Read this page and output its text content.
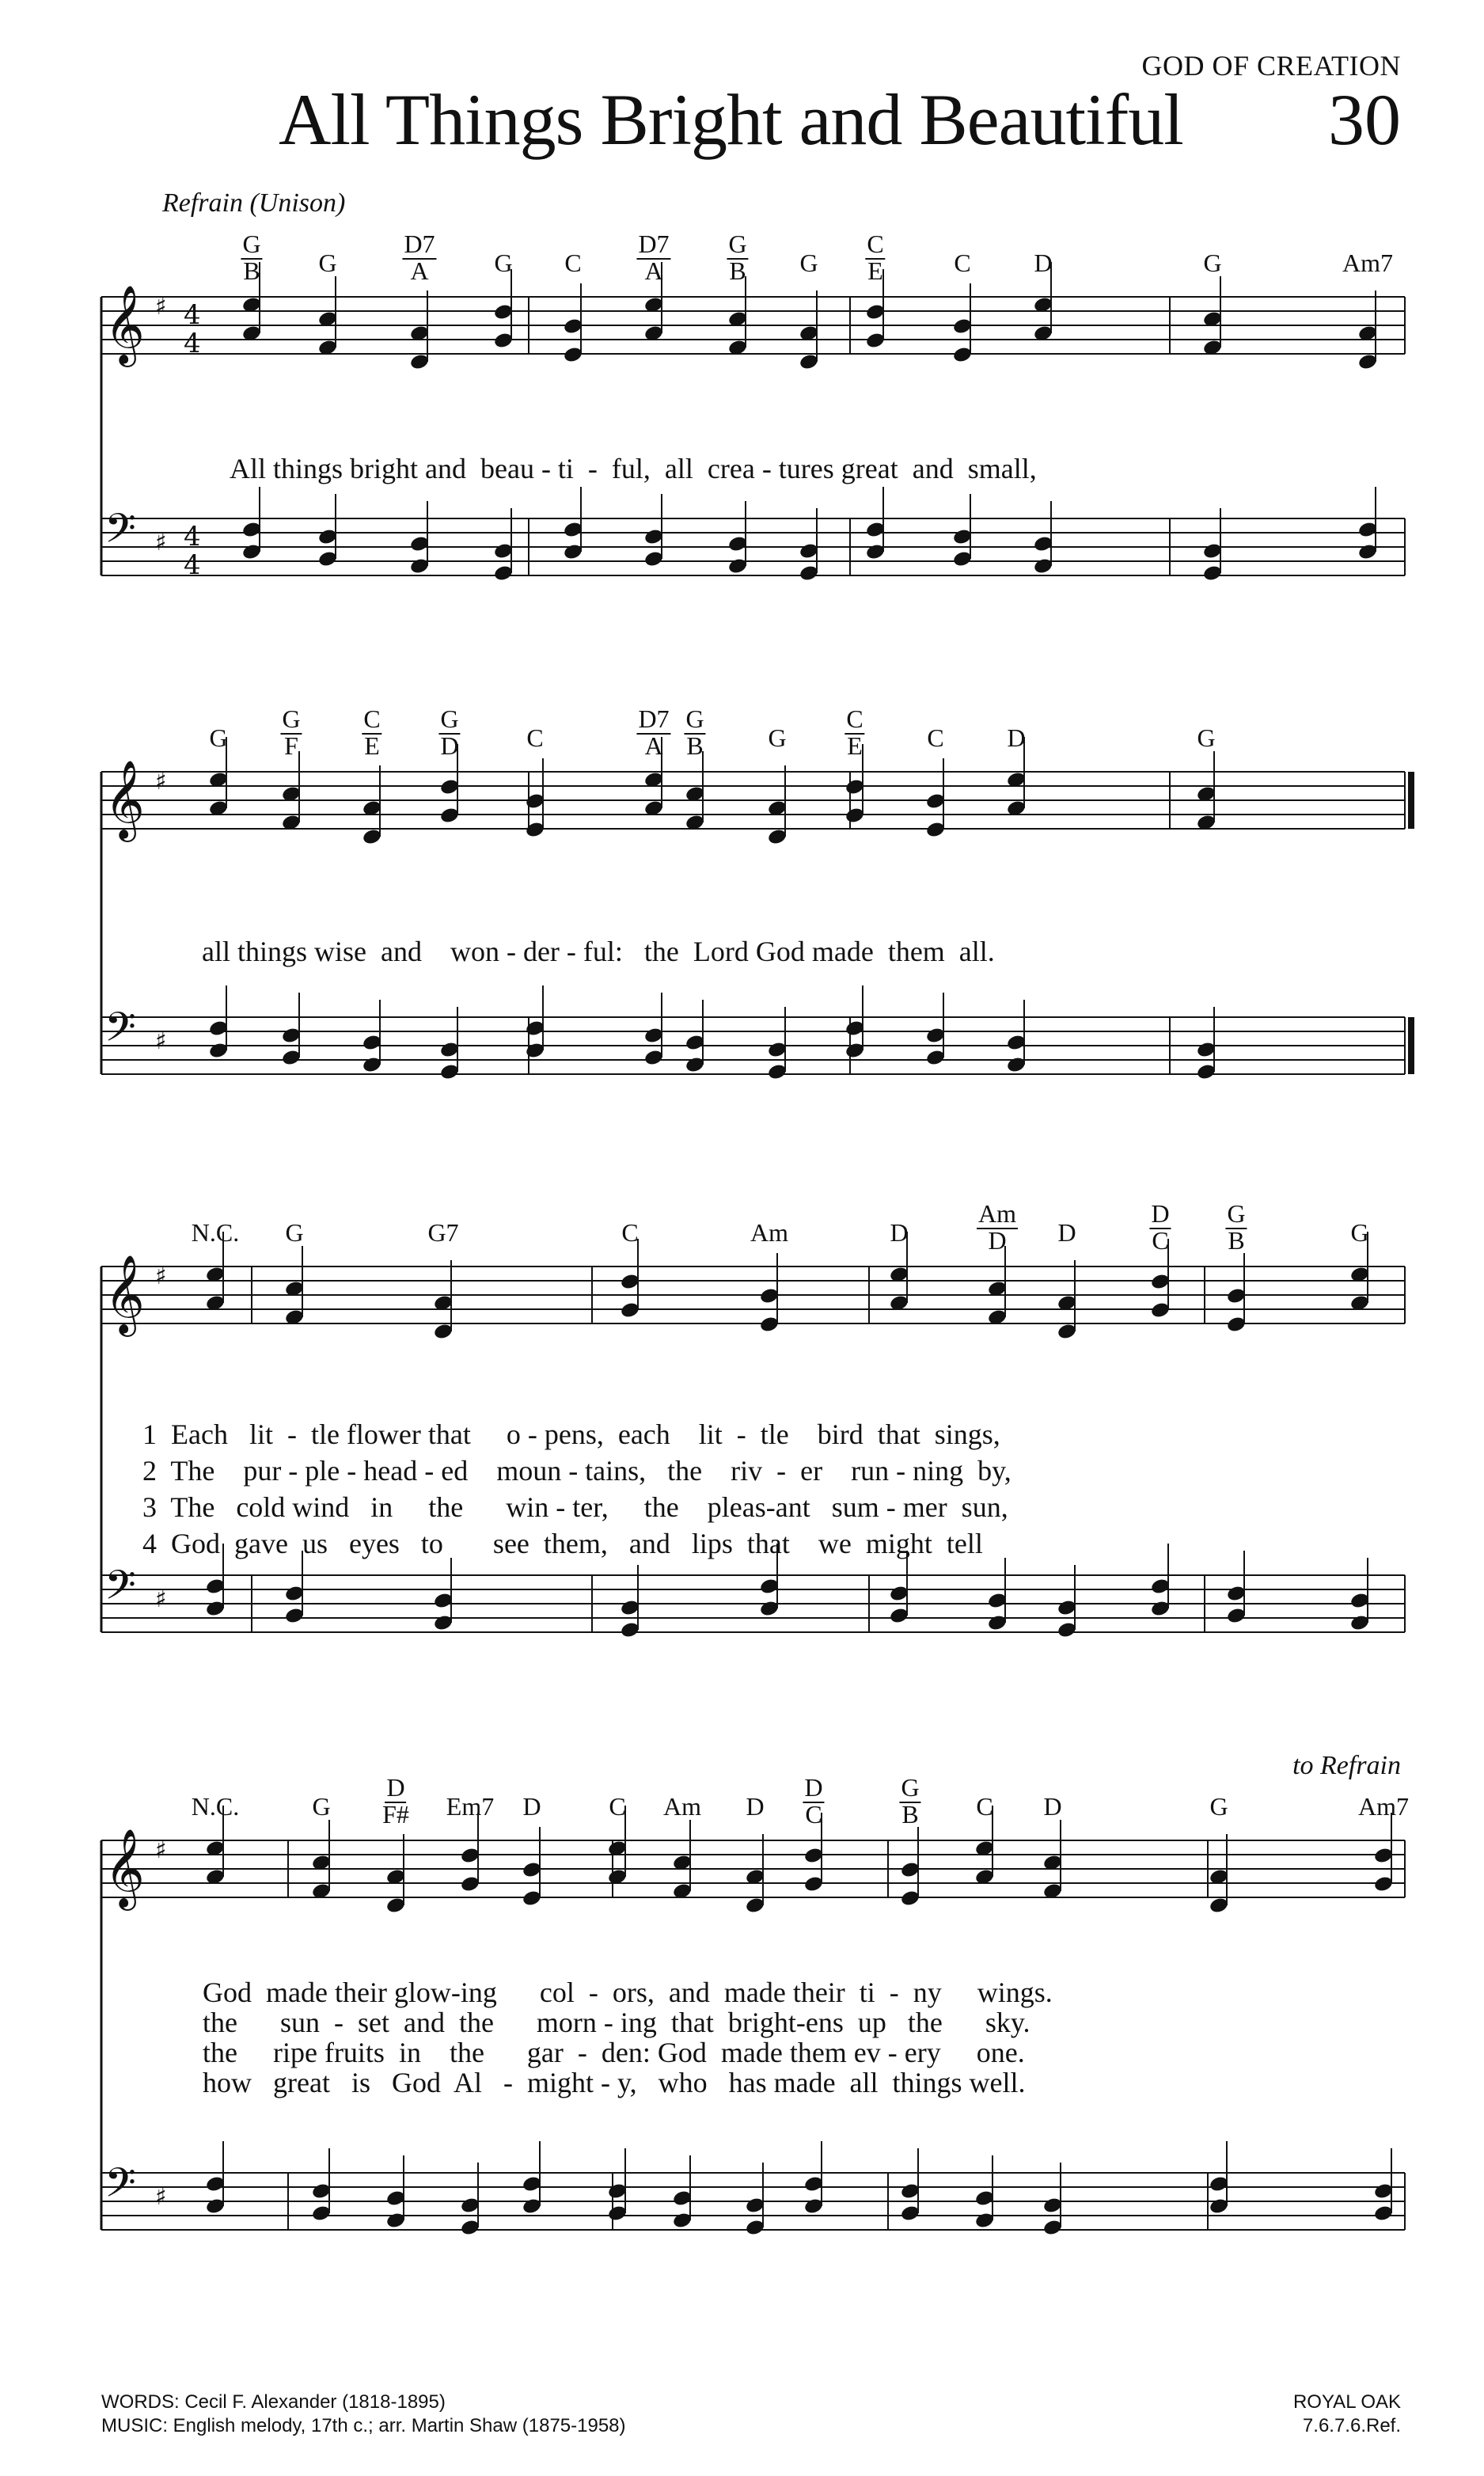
GOD OF CREATION
All Things Bright and Beautiful 30
Refrain (Unison)
to Refrain
𝄞 ♯ 4
4
𝄢 ♯ 4
4
G
B G
D7
A	G C
D7
A
G
B G
C
E	C D	G	Am7
All things bright and  beau - ti  -  ful,  all  crea - tures great  and  small,
𝄞 ♯
𝄢 ♯
G
G
F
C
E
G
D	C
D7
A
G
B	G
C
E	C D	G
all things wise  and    won - der - ful:   the  Lord God made  them  all.
𝄞 ♯
𝄢 ♯
N.C. G	G7	C	Am	D
Am
D	D
D
C
G
B	G
1  Each   lit  -  tle flower that     o - pens,  each    lit  -  tle    bird  that  sings,
2  The    pur - ple - head - ed    moun - tains,   the    riv  -  er    run - ning  by,
3  The   cold wind   in     the      win - ter,     the    pleas-ant   sum - mer  sun,
4  God  gave  us   eyes   to       see  them,   and   lips  that    we  might  tell
𝄞 ♯
𝄢 ♯
N.C.	G
D
F# Em7 D	C Am D
D
C
G
B C D	G	Am7
God  made their glow-ing      col  -  ors,  and  made their  ti  -  ny     wings.
the      sun  -  set  and  the      morn - ing  that  bright-ens  up   the      sky.
the     ripe fruits  in    the      gar  -  den: God  made them ev - ery     one.
how   great   is   God  Al   -  might - y,   who   has made  all  things well.
WORDS: Cecil F. Alexander (1818-1895)
MUSIC: English melody, 17th c.; arr. Martin Shaw (1875-1958)
ROYAL OAK
7.6.7.6.Ref.
